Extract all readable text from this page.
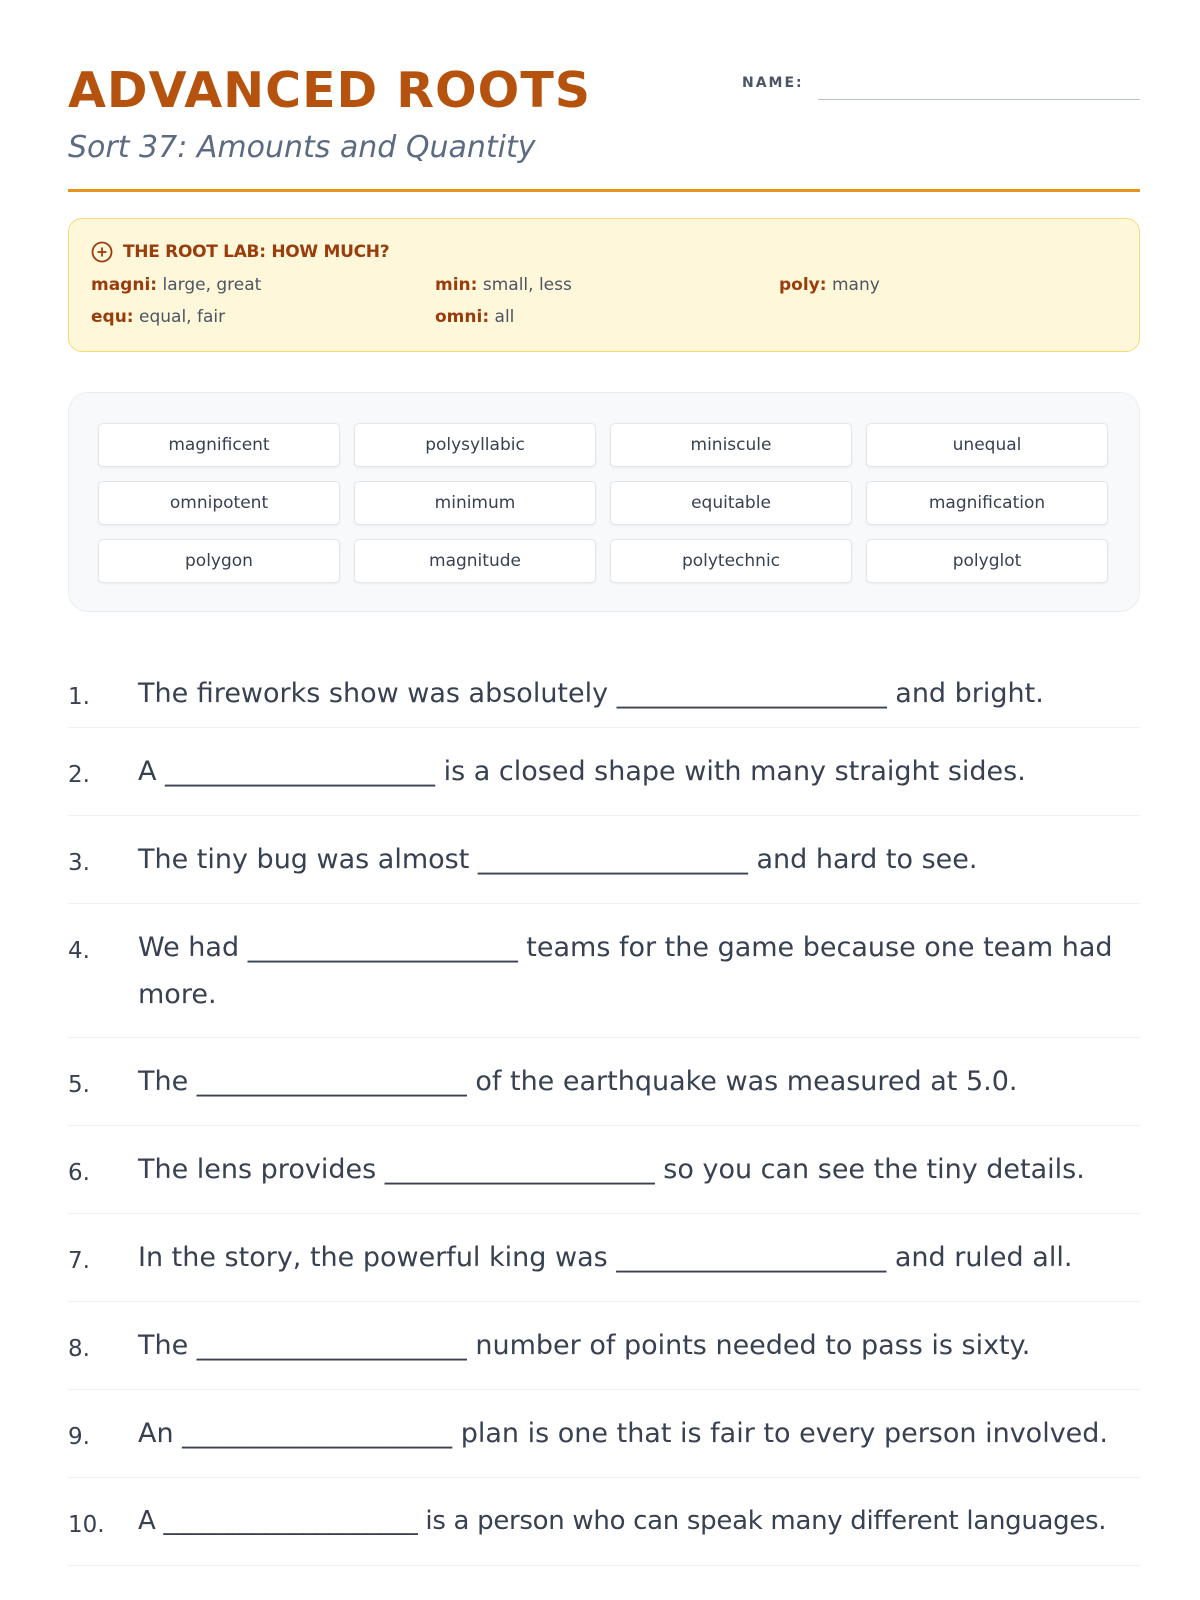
ADVANCED ROOTS
Sort 37: Amounts and Quantity
NAME:
THE ROOT LAB: HOW MUCH?
magni: large, great	min: small, less	poly: many
equ: equal, fair	omni: all
magnificent	polysyllabic	miniscule	unequal
omnipotent	minimum	equitable	magnification
polygon	magnitude	polytechnic	polyglot
1. The fireworks show was absolutely ____________________ and bright.
2. A ____________________ is a closed shape with many straight sides.
3. The tiny bug was almost ____________________ and hard to see.
4. We had ____________________ teams for the game because one team had more.
5. The ____________________ of the earthquake was measured at 5.0.
6. The lens provides ____________________ so you can see the tiny details.
7. In the story, the powerful king was ____________________ and ruled all.
8. The ____________________ number of points needed to pass is sixty.
9. An ____________________ plan is one that is fair to every person involved.
10. A ____________________ is a person who can speak many different languages.
